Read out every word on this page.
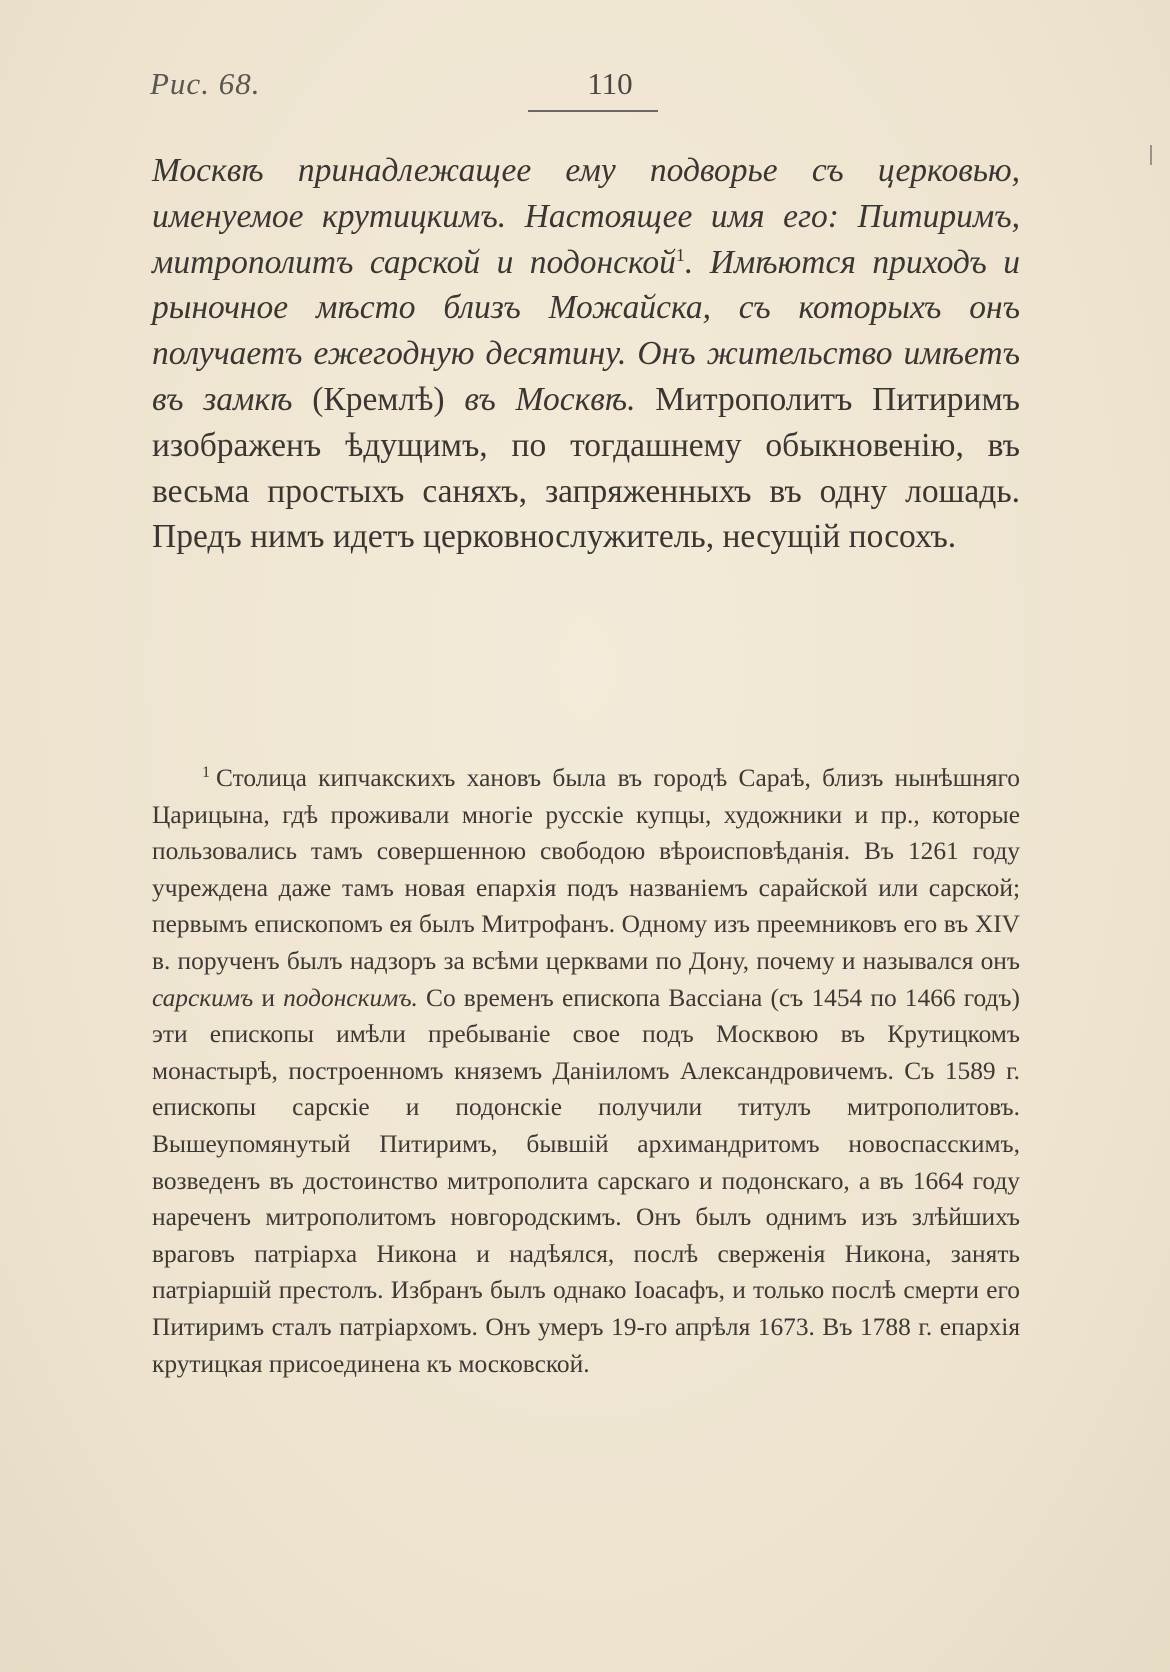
Рис. 68.	110

Москвѣ принадлежащее ему подворье съ церковью, именуемое крутицкимъ. Настоящее имя его: Питиримъ, митрополитъ сарской и подонской$^1$. Имѣются приходъ и рыночное мѣсто близъ Можайска, съ которыхъ онъ получаетъ ежегодную десятину. Онъ жительство имѣетъ въ замкѣ (Кремлѣ) въ Москвѣ. Митрополитъ Питиримъ изображенъ ѣдущимъ, по тогдашнему обыкновенію, въ весьма простыхъ саняхъ, запряженныхъ въ одну лошадь. Предъ нимъ идетъ церковнослужитель, несущій посохъ.

$^1$ Столица кипчакскихъ хановъ была въ городѣ Сараѣ, близъ нынѣшняго Царицына, гдѣ проживали многіе русскіе купцы, художники и пр., которые пользовались тамъ совершенною свободою вѣроисповѣданія. Въ 1261 году учреждена даже тамъ новая епархія подъ названіемъ сарайской или сарской; первымъ епископомъ ея былъ Митрофанъ. Одному изъ преемниковъ его въ XIV в. порученъ былъ надзоръ за всѣми церквами по Дону, почему и назывался онъ сарскимъ и подонскимъ. Со временъ епископа Вассіана (съ 1454 по 1466 годъ) эти епископы имѣли пребываніе свое подъ Москвою въ Крутицкомъ монастырѣ, построенномъ княземъ Даніиломъ Александровичемъ. Съ 1589 г. епископы сарскіе и подонскіе получили титулъ митрополитовъ. Вышеупомянутый Питиримъ, бывшій архимандритомъ новоспасскимъ, возведенъ въ достоинство митрополита сарскаго и подонскаго, а въ 1664 году нареченъ митрополитомъ новгородскимъ. Онъ былъ однимъ изъ злѣйшихъ враговъ патріарха Никона и надѣялся, послѣ сверженія Никона, занять патріаршій престолъ. Избранъ былъ однако Іоасафъ, и только послѣ смерти его Питиримъ сталъ патріархомъ. Онъ умеръ 19-го апрѣля 1673. Въ 1788 г. епархія крутицкая присоединена къ московской.
